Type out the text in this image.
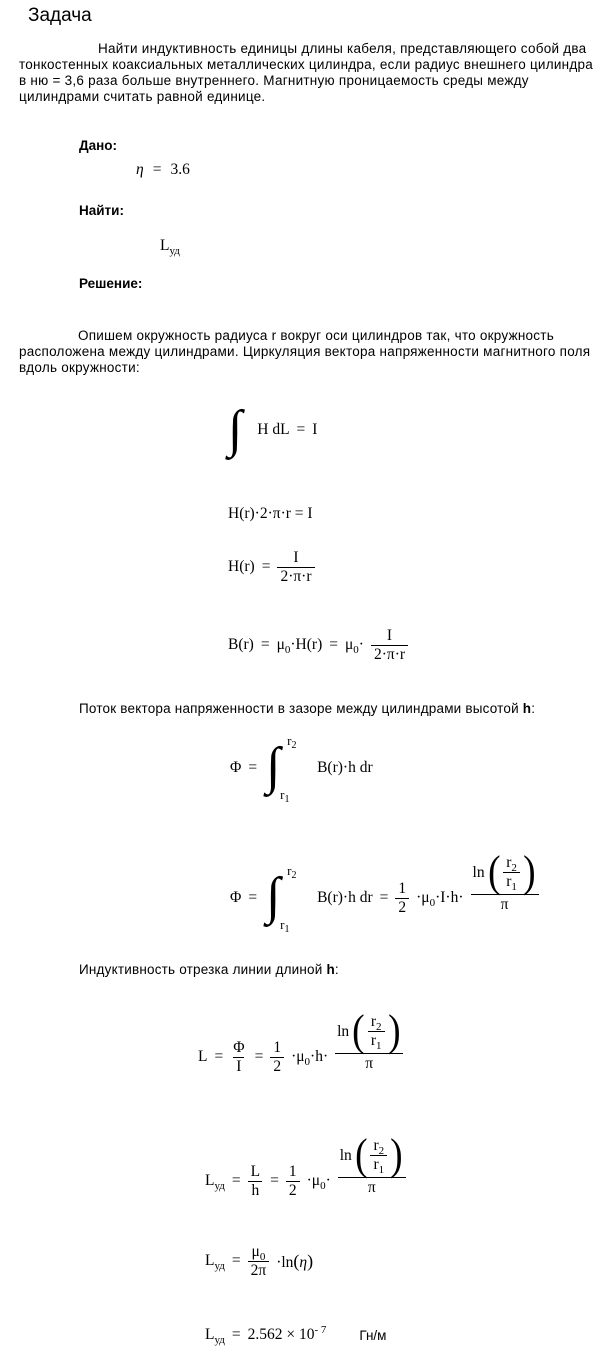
Задача
Найти индуктивность единицы длины кабеля, представляющего собой два
тонкостенных коаксиальных металлических цилиндра, если радиус внешнего цилиндра
в ню = 3,6 раза больше внутреннего. Магнитную проницаемость среды между
цилиндрами считать равной единице.
Дано:
η = 3.6
Найти:
$L_{уд}$
Решение:
Опишем окружность радиуса r вокруг оси цилиндров так, что окружность
расположена между цилиндрами. Циркуляция вектора напряженности магнитного поля
вдоль окружности:
∫ H dL = I
H(r)·2·π·r = I
$H(r) = \frac{I}{2\cdot\pi\cdot r}$
$B(r) = \mu_0\cdot H(r) = \mu_0\cdot \frac{I}{2\cdot\pi\cdot r}$
Поток вектора напряженности в зазоре между цилиндрами высотой h:
Φ = ∫ $r_2$
$r_1$
B(r)·h dr
Φ = ∫ $r_2$
$r_1$
B(r)·h dr = $\frac{1}{2} \cdot\mu_0\cdot I\cdot h\cdot$
ln ( $\frac{r_2}{r_1}$ )
π
Индуктивность отрезка линии длиной h:
$L = \frac{\Phi}{I} = \frac{1}{2} \cdot\mu_0\cdot h\cdot$
ln ( $\frac{r_2}{r_1}$ )
π
$L_{уд} = \frac{L}{h} = \frac{1}{2} \cdot\mu_0\cdot$
ln ( $\frac{r_2}{r_1}$ )
π
$L_{уд} = \frac{\mu_0}{2\pi} \cdot\ln(\eta)$
$L_{уд} = 2.562 \times 10^{- 7}$ Гн/м
